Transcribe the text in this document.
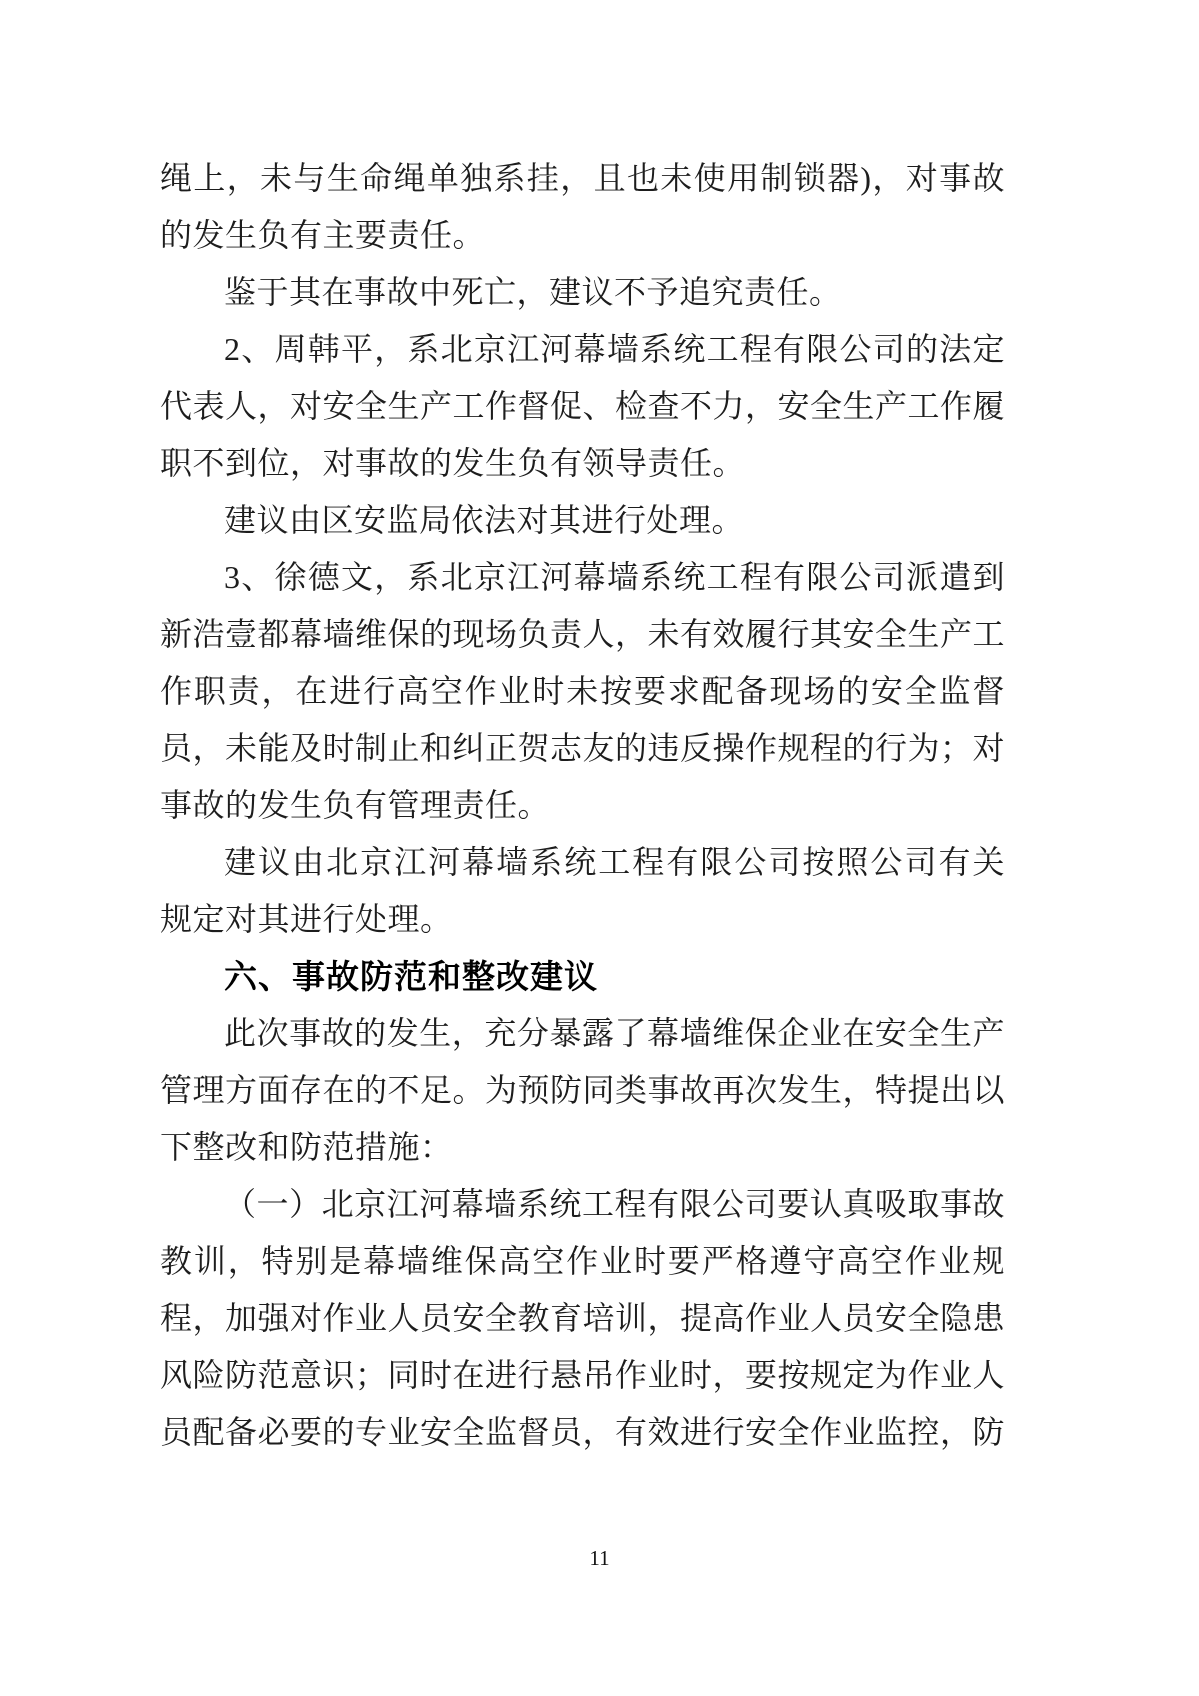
绳上，未与生命绳单独系挂，且也未使用制锁器)，对事故
的发生负有主要责任。
鉴于其在事故中死亡，建议不予追究责任。
2、周韩平，系北京江河幕墙系统工程有限公司的法定
代表人，对安全生产工作督促、检查不力，安全生产工作履
职不到位，对事故的发生负有领导责任。
建议由区安监局依法对其进行处理。
3、徐德文，系北京江河幕墙系统工程有限公司派遣到
新浩壹都幕墙维保的现场负责人，未有效履行其安全生产工
作职责，在进行高空作业时未按要求配备现场的安全监督
员，未能及时制止和纠正贺志友的违反操作规程的行为；对
事故的发生负有管理责任。
建议由北京江河幕墙系统工程有限公司按照公司有关
规定对其进行处理。
六、事故防范和整改建议
此次事故的发生，充分暴露了幕墙维保企业在安全生产
管理方面存在的不足。为预防同类事故再次发生，特提出以
下整改和防范措施：
（一）北京江河幕墙系统工程有限公司要认真吸取事故
教训，特别是幕墙维保高空作业时要严格遵守高空作业规
程，加强对作业人员安全教育培训，提高作业人员安全隐患
风险防范意识；同时在进行悬吊作业时，要按规定为作业人
员配备必要的专业安全监督员，有效进行安全作业监控，防
11
